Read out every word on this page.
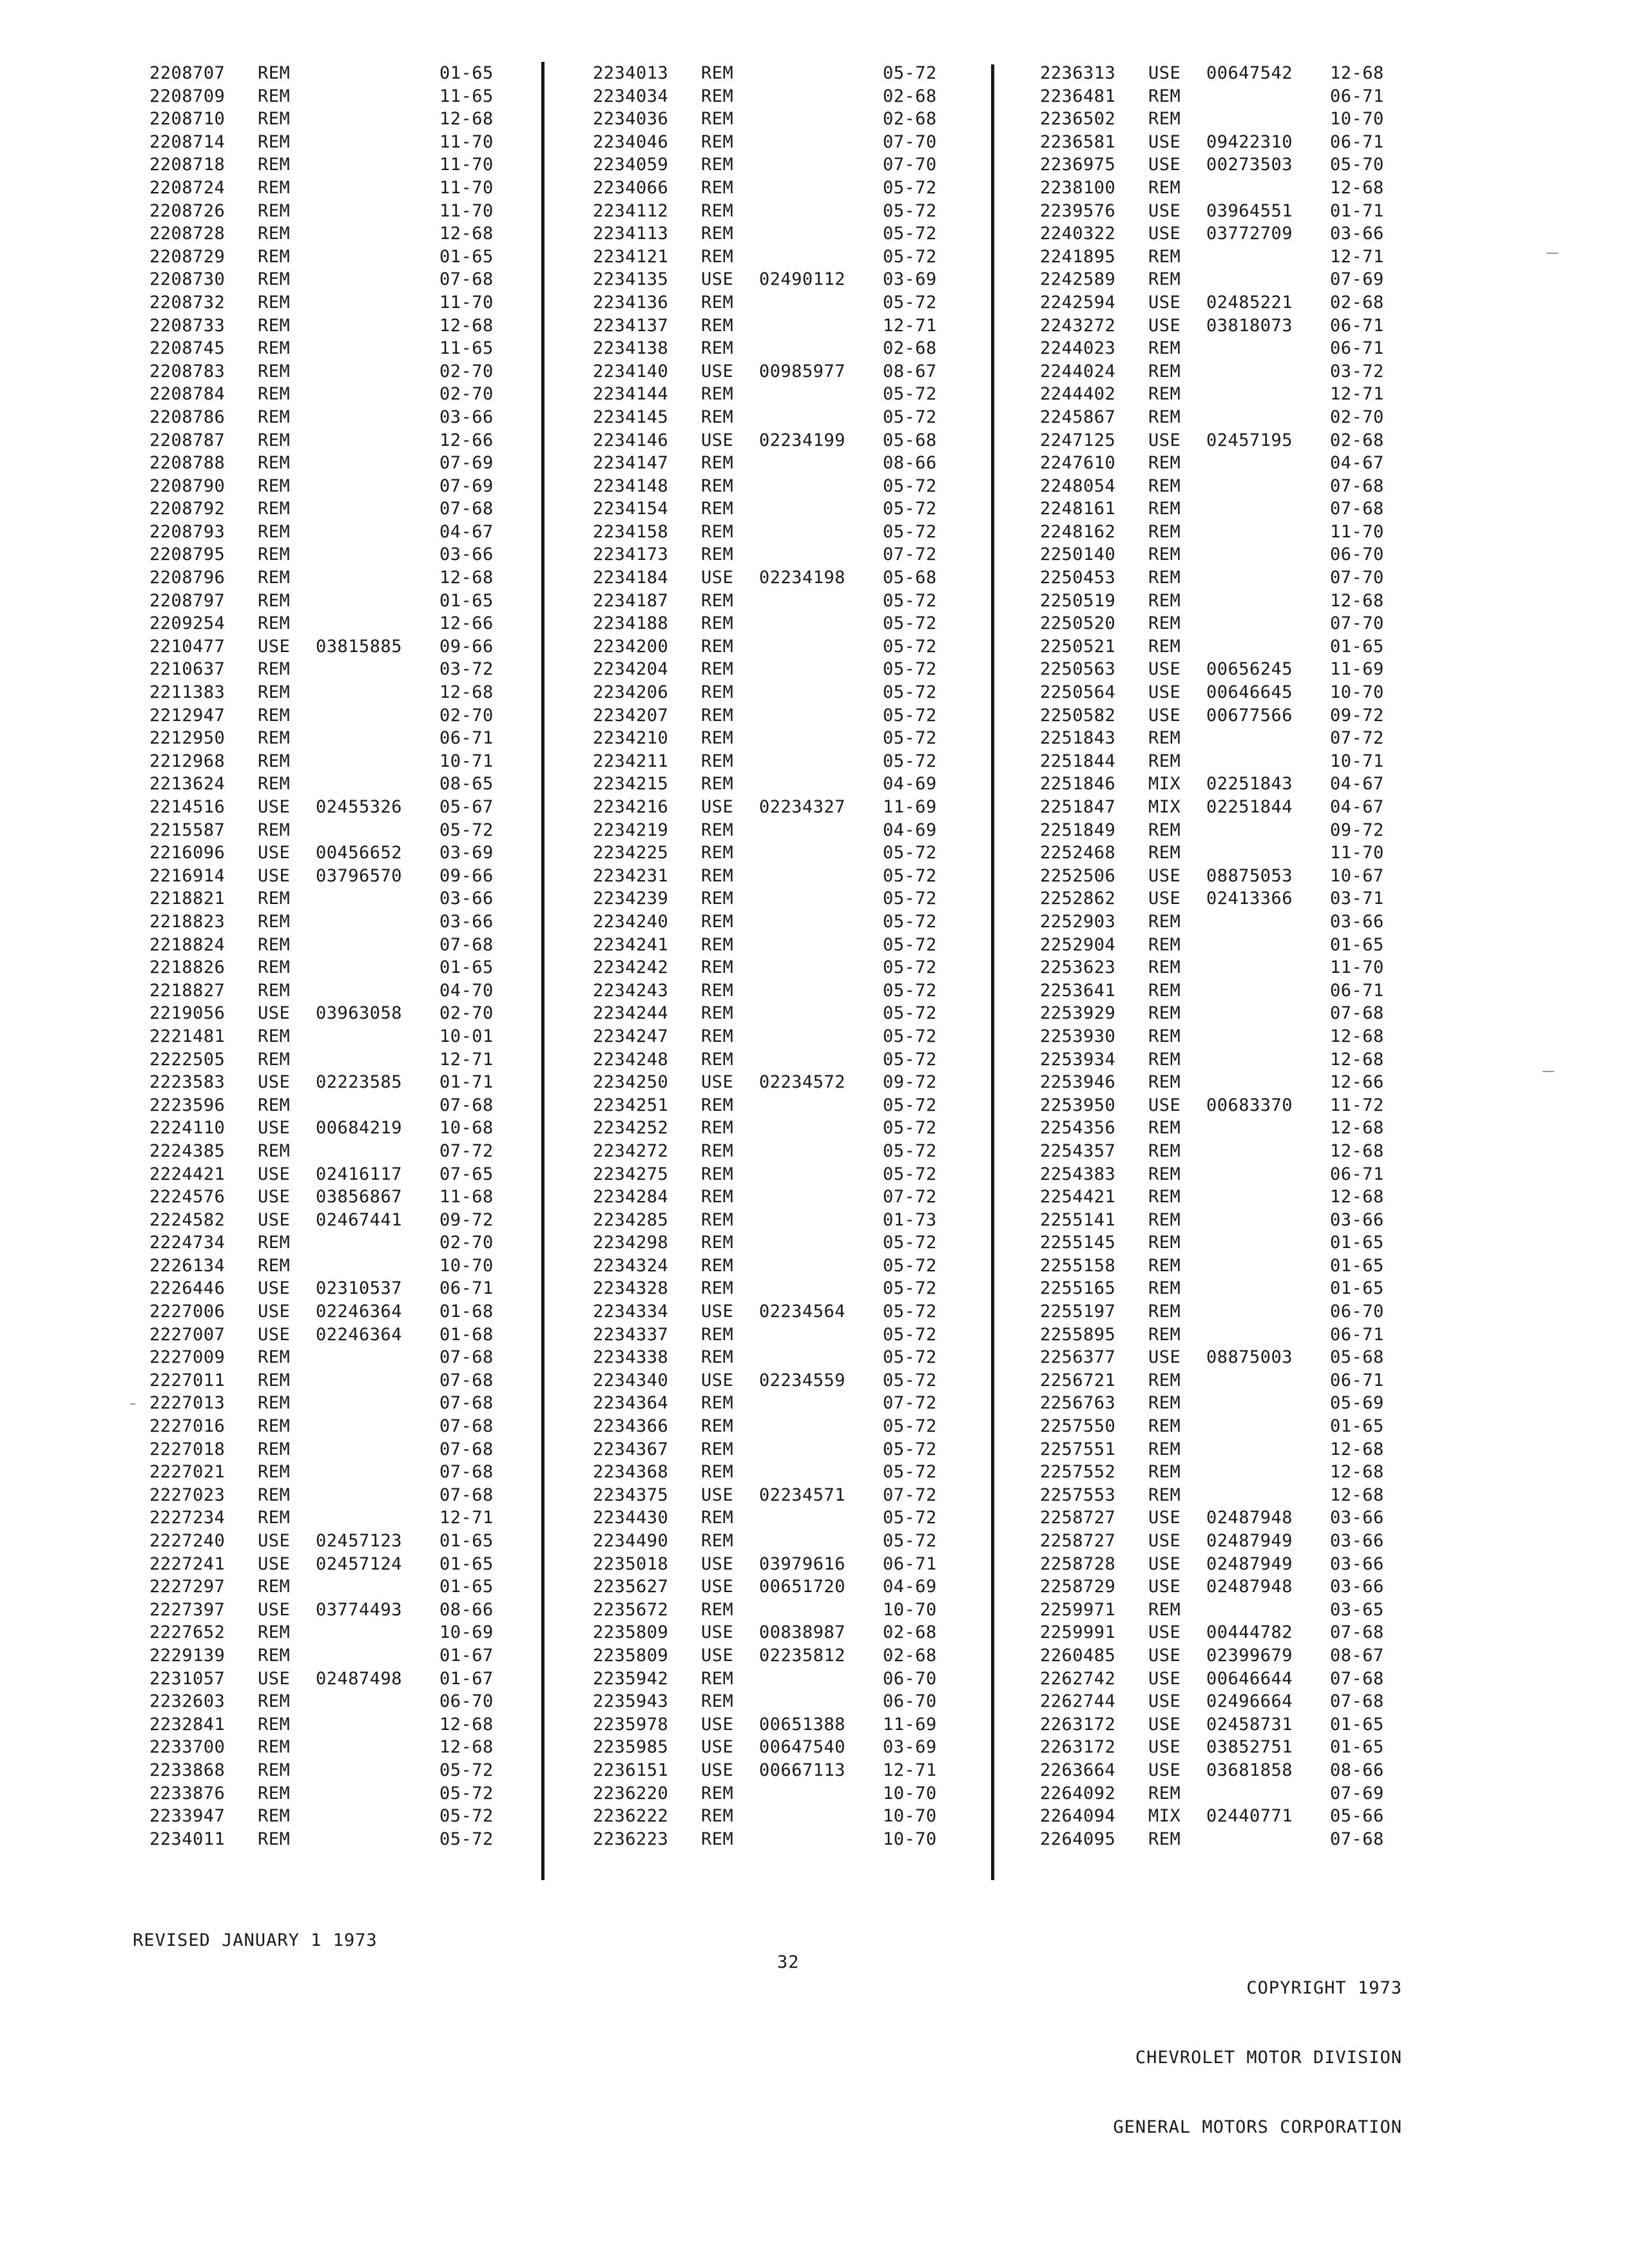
2208707 REM	01-65
2208709 REM	11-65
2208710 REM	12-68
2208714 REM	11-70
2208718 REM	11-70
2208724 REM	11-70
2208726 REM	11-70
2208728 REM	12-68
2208729 REM	01-65
2208730 REM	07-68
2208732 REM	11-70
2208733 REM	12-68
2208745 REM	11-65
2208783 REM	02-70
2208784 REM	02-70
2208786 REM	03-66
2208787 REM	12-66
2208788 REM	07-69
2208790 REM	07-69
2208792 REM	07-68
2208793 REM	04-67
2208795 REM	03-66
2208796 REM	12-68
2208797 REM	01-65
2209254 REM	12-66
2210477 USE 03815885 09-66
2210637 REM	03-72
2211383 REM	12-68
2212947 REM	02-70
2212950 REM	06-71
2212968 REM	10-71
2213624 REM	08-65
2214516 USE 02455326 05-67
2215587 REM	05-72
2216096 USE 00456652 03-69
2216914 USE 03796570 09-66
2218821 REM	03-66
2218823 REM	03-66
2218824 REM	07-68
2218826 REM	01-65
2218827 REM	04-70
2219056 USE 03963058 02-70
2221481 REM	10-01
2222505 REM	12-71
2223583 USE 02223585 01-71
2223596 REM	07-68
2224110 USE 00684219 10-68
2224385 REM	07-72
2224421 USE 02416117 07-65
2224576 USE 03856867 11-68
2224582 USE 02467441 09-72
2224734 REM	02-70
2226134 REM	10-70
2226446 USE 02310537 06-71
2227006 USE 02246364 01-68
2227007 USE 02246364 01-68
2227009 REM	07-68
2227011 REM	07-68
2227013 REM	07-68
2227016 REM	07-68
2227018 REM	07-68
2227021 REM	07-68
2227023 REM	07-68
2227234 REM	12-71
2227240 USE 02457123 01-65
2227241 USE 02457124 01-65
2227297 REM	01-65
2227397 USE 03774493 08-66
2227652 REM	10-69
2229139 REM	01-67
2231057 USE 02487498 01-67
2232603 REM	06-70
2232841 REM	12-68
2233700 REM	12-68
2233868 REM	05-72
2233876 REM	05-72
2233947 REM	05-72
2234011 REM	05-72
2234013 REM	05-72
2234034 REM	02-68
2234036 REM	02-68
2234046 REM	07-70
2234059 REM	07-70
2234066 REM	05-72
2234112 REM	05-72
2234113 REM	05-72
2234121 REM	05-72
2234135 USE 02490112 03-69
2234136 REM	05-72
2234137 REM	12-71
2234138 REM	02-68
2234140 USE 00985977 08-67
2234144 REM	05-72
2234145 REM	05-72
2234146 USE 02234199 05-68
2234147 REM	08-66
2234148 REM	05-72
2234154 REM	05-72
2234158 REM	05-72
2234173 REM	07-72
2234184 USE 02234198 05-68
2234187 REM	05-72
2234188 REM	05-72
2234200 REM	05-72
2234204 REM	05-72
2234206 REM	05-72
2234207 REM	05-72
2234210 REM	05-72
2234211 REM	05-72
2234215 REM	04-69
2234216 USE 02234327 11-69
2234219 REM	04-69
2234225 REM	05-72
2234231 REM	05-72
2234239 REM	05-72
2234240 REM	05-72
2234241 REM	05-72
2234242 REM	05-72
2234243 REM	05-72
2234244 REM	05-72
2234247 REM	05-72
2234248 REM	05-72
2234250 USE 02234572 09-72
2234251 REM	05-72
2234252 REM	05-72
2234272 REM	05-72
2234275 REM	05-72
2234284 REM	07-72
2234285 REM	01-73
2234298 REM	05-72
2234324 REM	05-72
2234328 REM	05-72
2234334 USE 02234564 05-72
2234337 REM	05-72
2234338 REM	05-72
2234340 USE 02234559 05-72
2234364 REM	07-72
2234366 REM	05-72
2234367 REM	05-72
2234368 REM	05-72
2234375 USE 02234571 07-72
2234430 REM	05-72
2234490 REM	05-72
2235018 USE 03979616 06-71
2235627 USE 00651720 04-69
2235672 REM	10-70
2235809 USE 00838987 02-68
2235809 USE 02235812 02-68
2235942 REM	06-70
2235943 REM	06-70
2235978 USE 00651388 11-69
2235985 USE 00647540 03-69
2236151 USE 00667113 12-71
2236220 REM	10-70
2236222 REM	10-70
2236223 REM	10-70
2236313 USE 00647542 12-68
2236481 REM	06-71
2236502 REM	10-70
2236581 USE 09422310 06-71
2236975 USE 00273503 05-70
2238100 REM	12-68
2239576 USE 03964551 01-71
2240322 USE 03772709 03-66
2241895 REM	12-71
2242589 REM	07-69
2242594 USE 02485221 02-68
2243272 USE 03818073 06-71
2244023 REM	06-71
2244024 REM	03-72
2244402 REM	12-71
2245867 REM	02-70
2247125 USE 02457195 02-68
2247610 REM	04-67
2248054 REM	07-68
2248161 REM	07-68
2248162 REM	11-70
2250140 REM	06-70
2250453 REM	07-70
2250519 REM	12-68
2250520 REM	07-70
2250521 REM	01-65
2250563 USE 00656245 11-69
2250564 USE 00646645 10-70
2250582 USE 00677566 09-72
2251843 REM	07-72
2251844 REM	10-71
2251846 MIX 02251843 04-67
2251847 MIX 02251844 04-67
2251849 REM	09-72
2252468 REM	11-70
2252506 USE 08875053 10-67
2252862 USE 02413366 03-71
2252903 REM	03-66
2252904 REM	01-65
2253623 REM	11-70
2253641 REM	06-71
2253929 REM	07-68
2253930 REM	12-68
2253934 REM	12-68
2253946 REM	12-66
2253950 USE 00683370 11-72
2254356 REM	12-68
2254357 REM	12-68
2254383 REM	06-71
2254421 REM	12-68
2255141 REM	03-66
2255145 REM	01-65
2255158 REM	01-65
2255165 REM	01-65
2255197 REM	06-70
2255895 REM	06-71
2256377 USE 08875003 05-68
2256721 REM	06-71
2256763 REM	05-69
2257550 REM	01-65
2257551 REM	12-68
2257552 REM	12-68
2257553 REM	12-68
2258727 USE 02487948 03-66
2258727 USE 02487949 03-66
2258728 USE 02487949 03-66
2258729 USE 02487948 03-66
2259971 REM	03-65
2259991 USE 00444782 07-68
2260485 USE 02399679 08-67
2262742 USE 00646644 07-68
2262744 USE 02496664 07-68
2263172 USE 02458731 01-65
2263172 USE 03852751 01-65
2263664 USE 03681858 08-66
2264092 REM	07-69
2264094 MIX 02440771 05-66
2264095 REM	07-68
REVISED JANUARY 1 1973
32

COPYRIGHT 1973

CHEVROLET MOTOR DIVISION

GENERAL MOTORS CORPORATION
